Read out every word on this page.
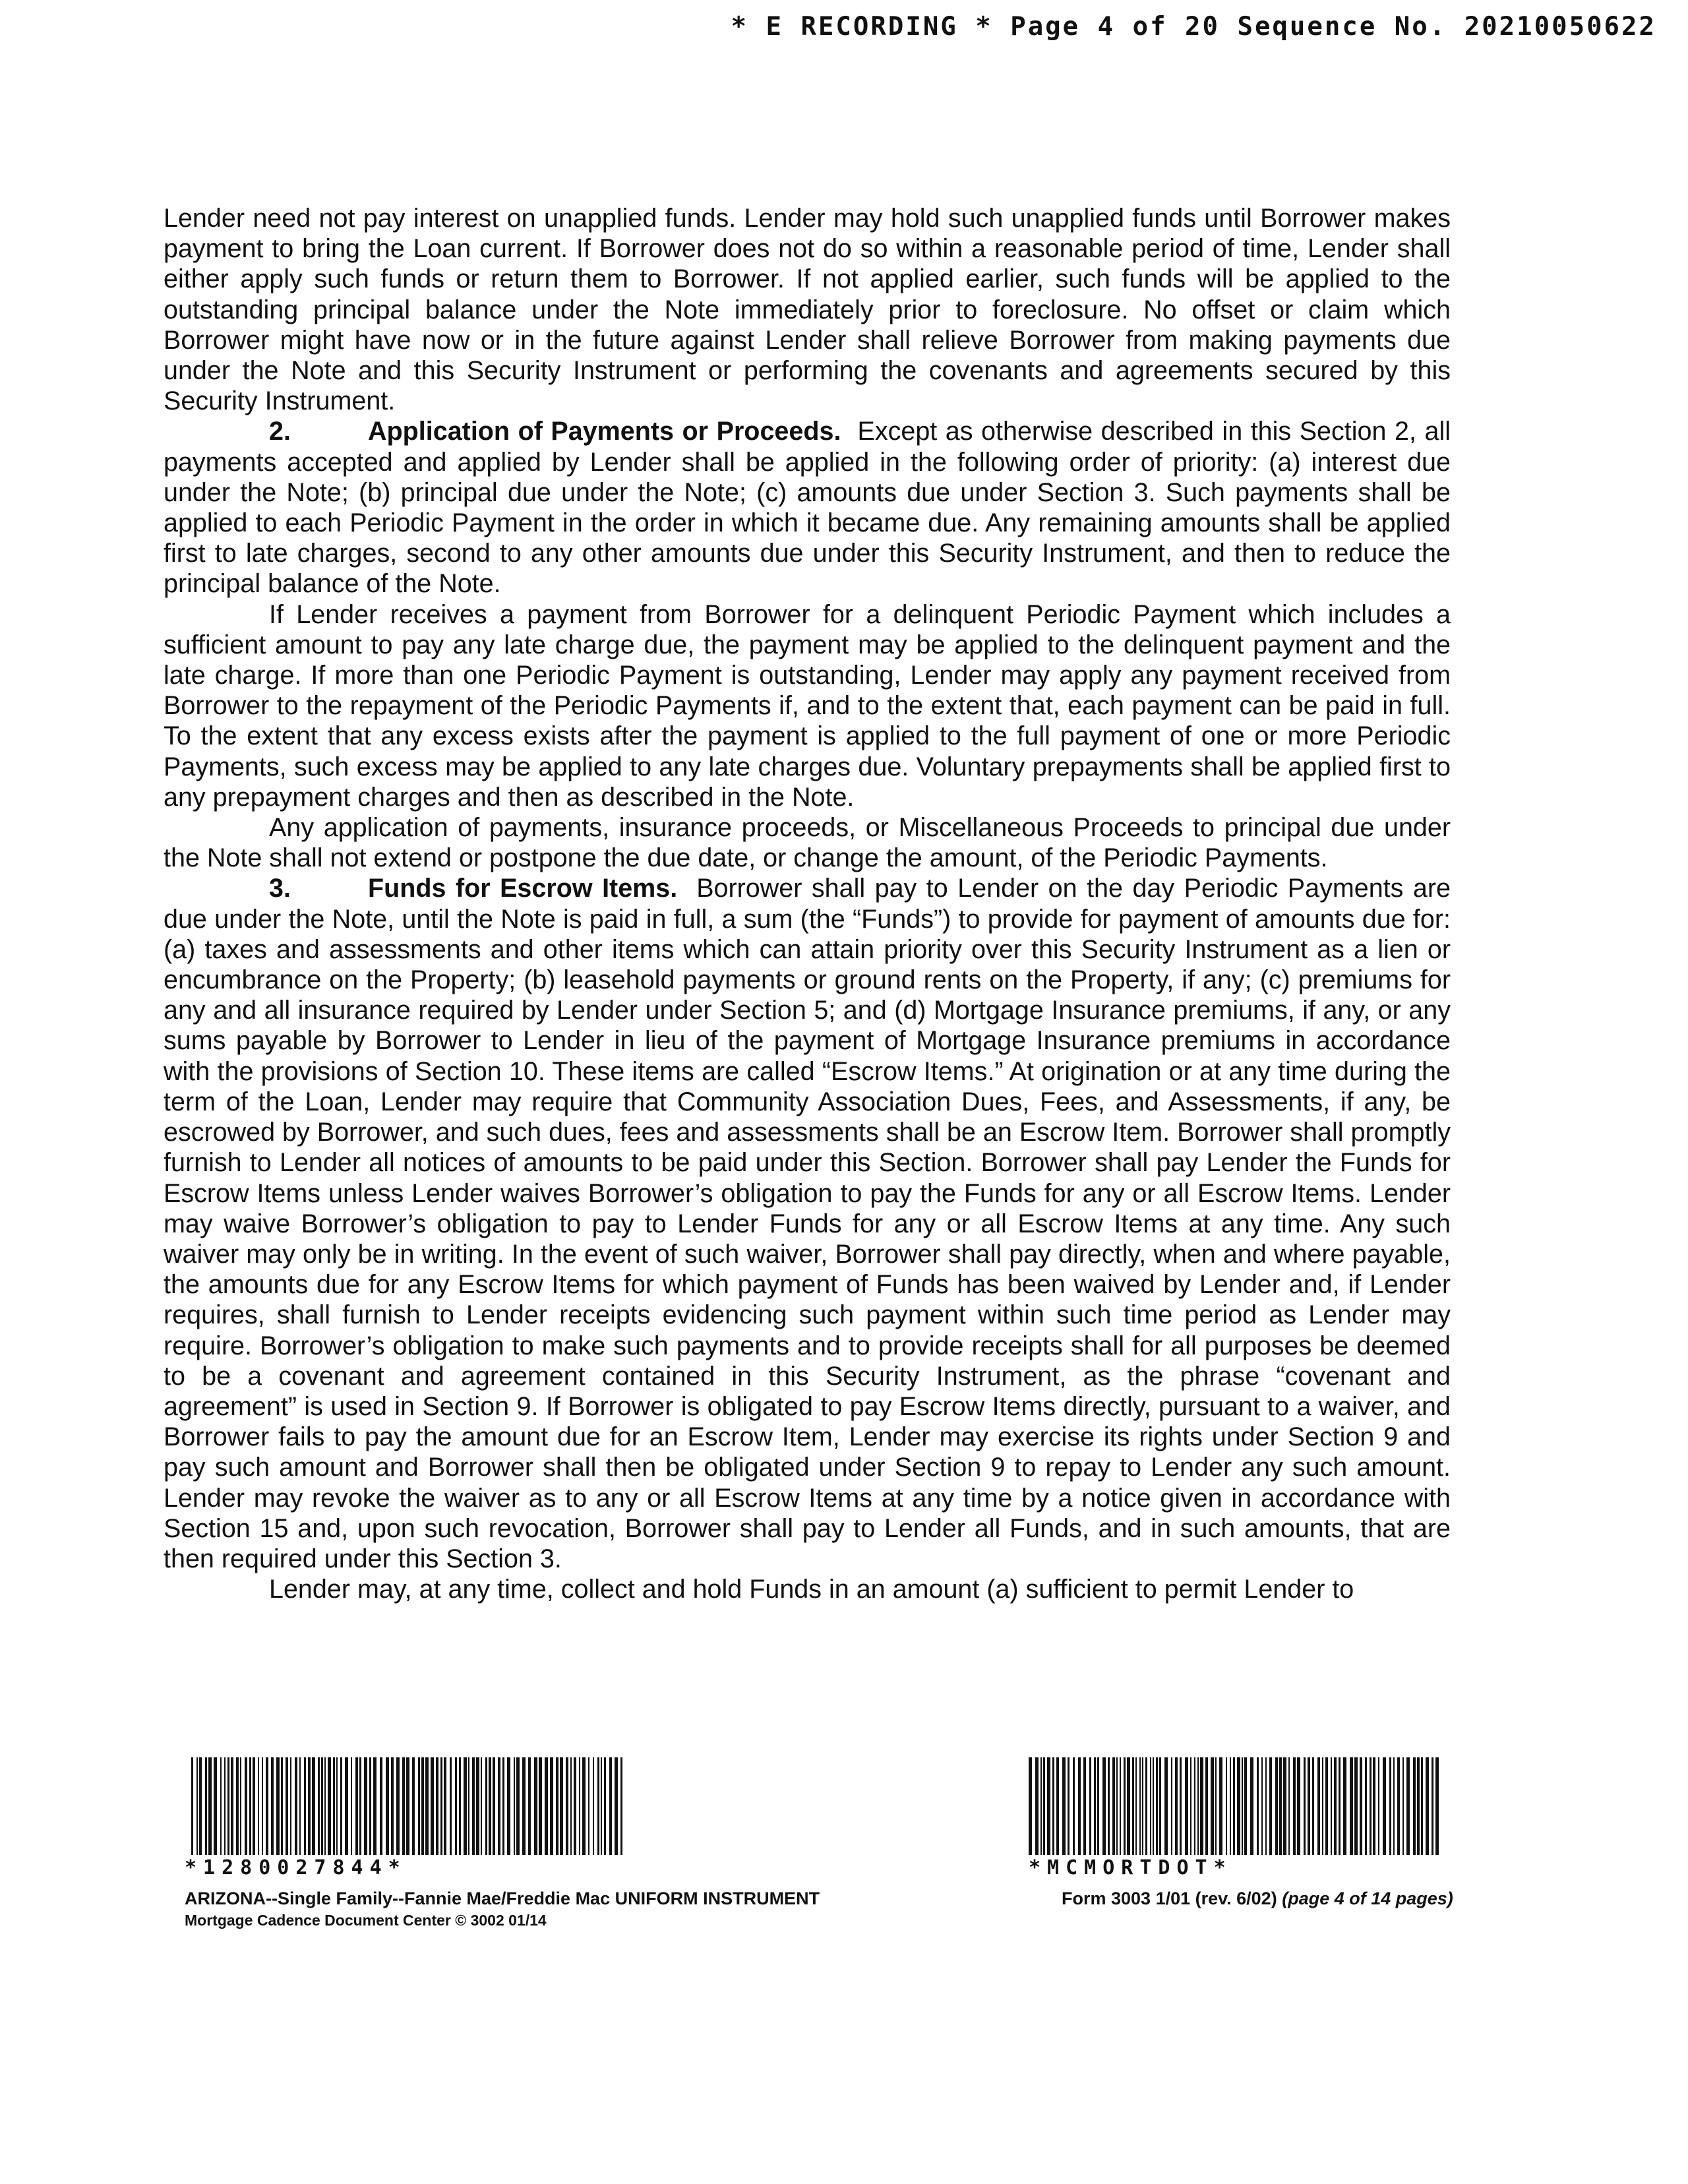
* E RECORDING * Page 4 of 20 Sequence No. 20210050622

Lender need not pay interest on unapplied funds. Lender may hold such unapplied funds until Borrower makes payment to bring the Loan current. If Borrower does not do so within a reasonable period of time, Lender shall either apply such funds or return them to Borrower. If not applied earlier, such funds will be applied to the outstanding principal balance under the Note immediately prior to foreclosure. No offset or claim which Borrower might have now or in the future against Lender shall relieve Borrower from making payments due under the Note and this Security Instrument or performing the covenants and agreements secured by this Security Instrument.

2.	Application of Payments or Proceeds. Except as otherwise described in this Section 2, all payments accepted and applied by Lender shall be applied in the following order of priority: (a) interest due under the Note; (b) principal due under the Note; (c) amounts due under Section 3. Such payments shall be applied to each Periodic Payment in the order in which it became due. Any remaining amounts shall be applied first to late charges, second to any other amounts due under this Security Instrument, and then to reduce the principal balance of the Note.

If Lender receives a payment from Borrower for a delinquent Periodic Payment which includes a sufficient amount to pay any late charge due, the payment may be applied to the delinquent payment and the late charge. If more than one Periodic Payment is outstanding, Lender may apply any payment received from Borrower to the repayment of the Periodic Payments if, and to the extent that, each payment can be paid in full. To the extent that any excess exists after the payment is applied to the full payment of one or more Periodic Payments, such excess may be applied to any late charges due. Voluntary prepayments shall be applied first to any prepayment charges and then as described in the Note.

Any application of payments, insurance proceeds, or Miscellaneous Proceeds to principal due under the Note shall not extend or postpone the due date, or change the amount, of the Periodic Payments.

3.	Funds for Escrow Items. Borrower shall pay to Lender on the day Periodic Payments are due under the Note, until the Note is paid in full, a sum (the “Funds”) to provide for payment of amounts due for: (a) taxes and assessments and other items which can attain priority over this Security Instrument as a lien or encumbrance on the Property; (b) leasehold payments or ground rents on the Property, if any; (c) premiums for any and all insurance required by Lender under Section 5; and (d) Mortgage Insurance premiums, if any, or any sums payable by Borrower to Lender in lieu of the payment of Mortgage Insurance premiums in accordance with the provisions of Section 10. These items are called “Escrow Items.” At origination or at any time during the term of the Loan, Lender may require that Community Association Dues, Fees, and Assessments, if any, be escrowed by Borrower, and such dues, fees and assessments shall be an Escrow Item. Borrower shall promptly furnish to Lender all notices of amounts to be paid under this Section. Borrower shall pay Lender the Funds for Escrow Items unless Lender waives Borrower’s obligation to pay the Funds for any or all Escrow Items. Lender may waive Borrower’s obligation to pay to Lender Funds for any or all Escrow Items at any time. Any such waiver may only be in writing. In the event of such waiver, Borrower shall pay directly, when and where payable, the amounts due for any Escrow Items for which payment of Funds has been waived by Lender and, if Lender requires, shall furnish to Lender receipts evidencing such payment within such time period as Lender may require. Borrower’s obligation to make such payments and to provide receipts shall for all purposes be deemed to be a covenant and agreement contained in this Security Instrument, as the phrase “covenant and agreement” is used in Section 9. If Borrower is obligated to pay Escrow Items directly, pursuant to a waiver, and Borrower fails to pay the amount due for an Escrow Item, Lender may exercise its rights under Section 9 and pay such amount and Borrower shall then be obligated under Section 9 to repay to Lender any such amount. Lender may revoke the waiver as to any or all Escrow Items at any time by a notice given in accordance with Section 15 and, upon such revocation, Borrower shall pay to Lender all Funds, and in such amounts, that are then required under this Section 3.

Lender may, at any time, collect and hold Funds in an amount (a) sufficient to permit Lender to

*1280027844*
ARIZONA--Single Family--Fannie Mae/Freddie Mac UNIFORM INSTRUMENT
Mortgage Cadence Document Center © 3002 01/14
*MCMORTDOT*
Form 3003 1/01 (rev. 6/02) (page 4 of 14 pages)
